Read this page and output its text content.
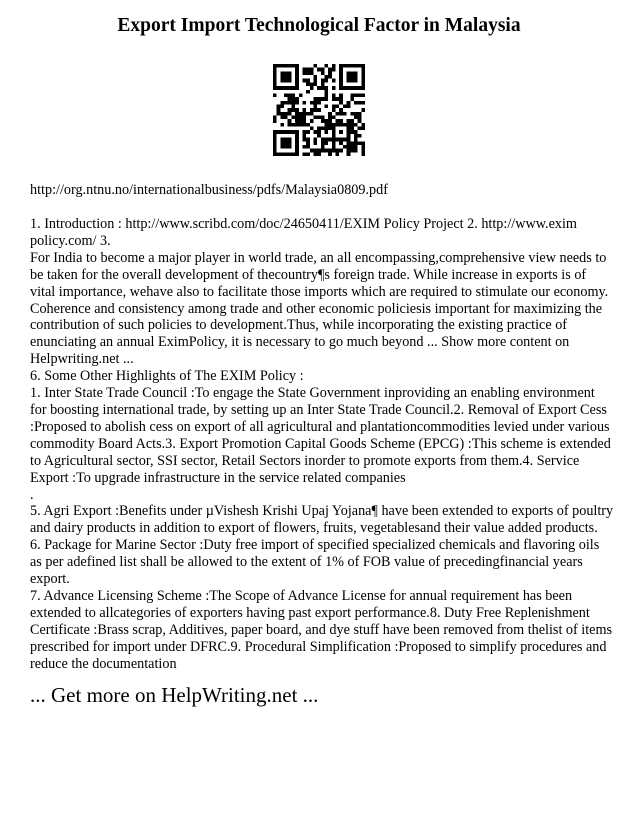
Export Import Technological Factor in Malaysia
http://org.ntnu.no/internationalbusiness/pdfs/Malaysia0809.pdf
1. Introduction : http://www.scribd.com/doc/24650411/EXIM Policy Project 2. http://www.exim
policy.com/ 3.
For India to become a major player in world trade, an all encompassing,comprehensive view needs to
be taken for the overall development of thecountry¶s foreign trade. While increase in exports is of
vital importance, wehave also to facilitate those imports which are required to stimulate our economy.
Coherence and consistency among trade and other economic policiesis important for maximizing the
contribution of such policies to development.Thus, while incorporating the existing practice of
enunciating an annual EximPolicy, it is necessary to go much beyond ... Show more content on
Helpwriting.net ...
6. Some Other Highlights of The EXIM Policy :
1. Inter State Trade Council :To engage the State Government inproviding an enabling environment
for boosting international trade, by setting up an Inter State Trade Council.2. Removal of Export Cess
:Proposed to abolish cess on export of all agricultural and plantationcommodities levied under various
commodity Board Acts.3. Export Promotion Capital Goods Scheme (EPCG) :This scheme is extended
to Agricultural sector, SSI sector, Retail Sectors inorder to promote exports from them.4. Service
Export :To upgrade infrastructure in the service related companies
.
5. Agri Export :Benefits under µVishesh Krishi Upaj Yojana¶ have been extended to exports of poultry
and dairy products in addition to export of flowers, fruits, vegetablesand their value added products.
6. Package for Marine Sector :Duty free import of specified specialized chemicals and flavoring oils
as per adefined list shall be allowed to the extent of 1% of FOB value of precedingfinancial years
export.
7. Advance Licensing Scheme :The Scope of Advance License for annual requirement has been
extended to allcategories of exporters having past export performance.8. Duty Free Replenishment
Certificate :Brass scrap, Additives, paper board, and dye stuff have been removed from thelist of items
prescribed for import under DFRC.9. Procedural Simplification :Proposed to simplify procedures and
reduce the documentation
... Get more on HelpWriting.net ...
